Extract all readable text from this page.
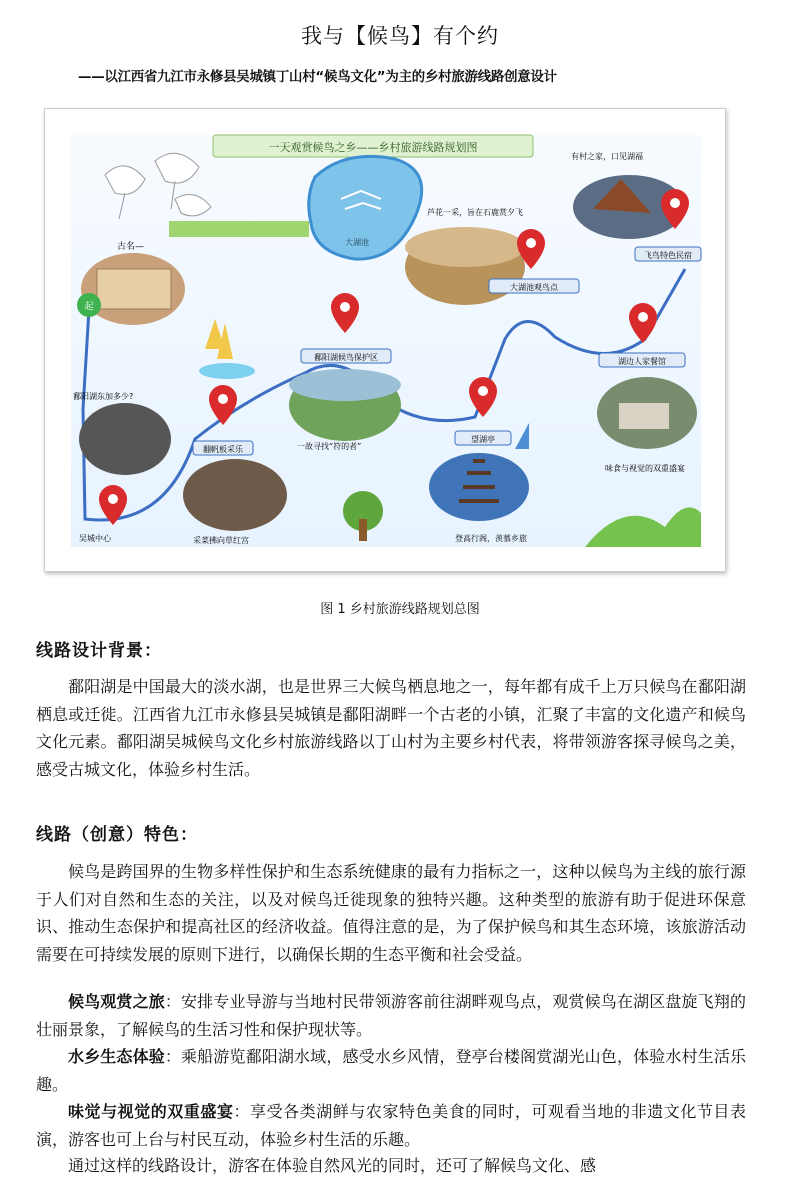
我与【候鸟】有个约
——以江西省九江市永修县吴城镇丁山村“候鸟文化”为主的乡村旅游线路创意设计
一天观赏候鸟之乡——乡村旅游线路规划图
大湖池
芦花一采，旨在石鹿赏夕飞
有村之家，口见湖福
古名—
起
鄱阳湖东加多少?
吴城中心
翻帆板采乐
鄱阳湖候鸟保护区
望湖亭
大湖池观鸟点
湖边人家餐馆
飞鸟特色民宿
一故寻找“符的者”
采菜拂向草红宫	登高行阁，羡慕乡旅
味食与视觉的双重盛宴
图 1 乡村旅游线路规划总图
线路设计背景：

鄱阳湖是中国最大的淡水湖，也是世界三大候鸟栖息地之一，每年都有成千上万只候鸟在鄱阳湖栖息或迁徙。江西省九江市永修县吴城镇是鄱阳湖畔一个古老的小镇，汇聚了丰富的文化遗产和候鸟文化元素。鄱阳湖吴城候鸟文化乡村旅游线路以丁山村为主要乡村代表，将带领游客探寻候鸟之美，感受古城文化，体验乡村生活。

线路（创意）特色：

候鸟是跨国界的生物多样性保护和生态系统健康的最有力指标之一，这种以候鸟为主线的旅行源于人们对自然和生态的关注，以及对候鸟迁徙现象的独特兴趣。这种类型的旅游有助于促进环保意识、推动生态保护和提高社区的经济收益。值得注意的是，为了保护候鸟和其生态环境，该旅游活动需要在可持续发展的原则下进行，以确保长期的生态平衡和社会受益。

候鸟观赏之旅：安排专业导游与当地村民带领游客前往湖畔观鸟点，观赏候鸟在湖区盘旋飞翔的壮丽景象，了解候鸟的生活习性和保护现状等。

水乡生态体验：乘船游览鄱阳湖水域，感受水乡风情，登亭台楼阁赏湖光山色，体验水村生活乐趣。

味觉与视觉的双重盛宴：享受各类湖鲜与农家特色美食的同时，可观看当地的非遗文化节目表演，游客也可上台与村民互动，体验乡村生活的乐趣。

通过这样的线路设计，游客在体验自然风光的同时，还可了解候鸟文化、感
